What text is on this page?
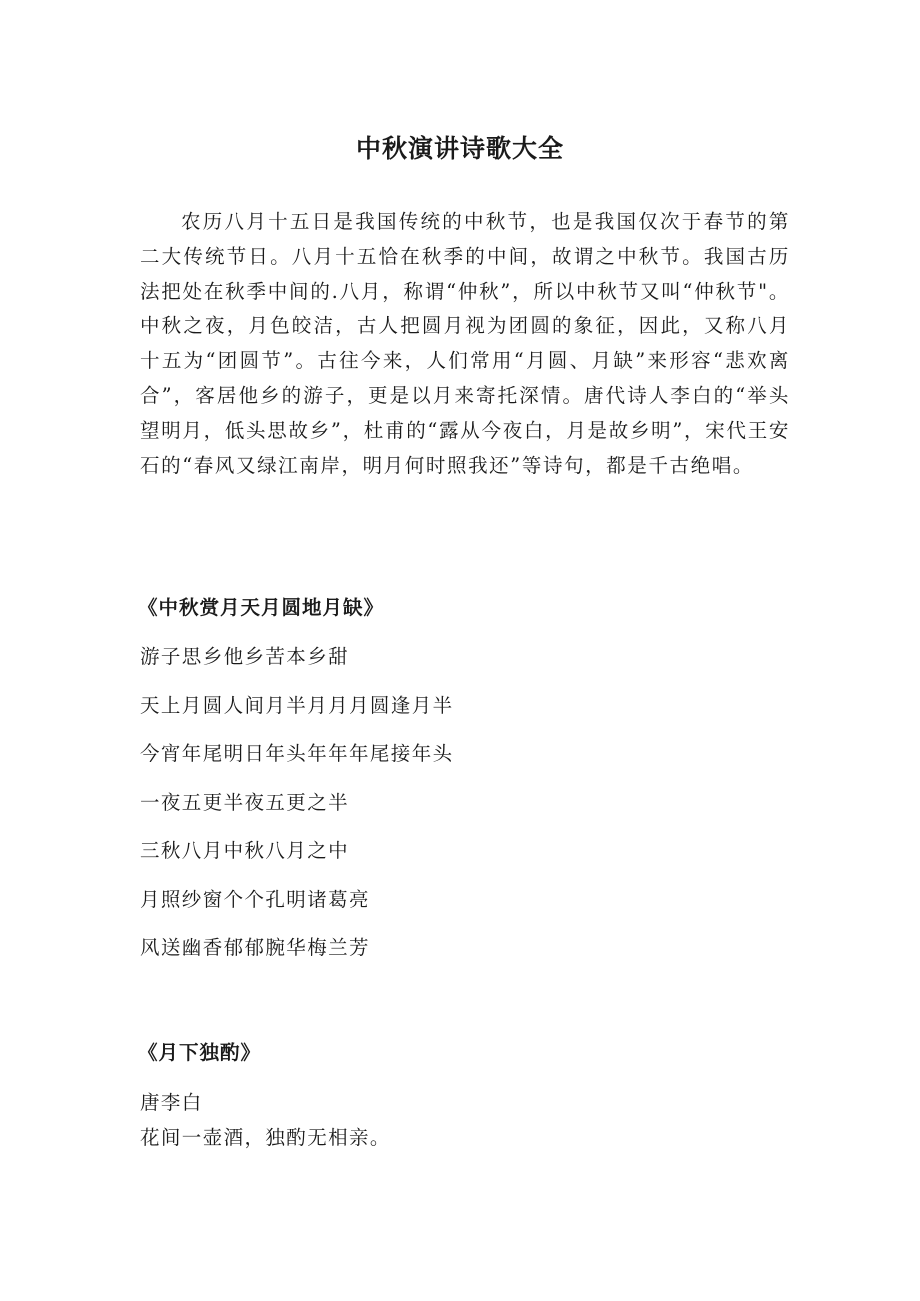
中秋演讲诗歌大全

农历八月十五日是我国传统的中秋节，也是我国仅次于春节的第二大传统节日。八月十五恰在秋季的中间，故谓之中秋节。我国古历法把处在秋季中间的.八月，称谓“仲秋”，所以中秋节又叫“仲秋节"。中秋之夜，月色皎洁，古人把圆月视为团圆的象征，因此，又称八月十五为“团圆节”。古往今来，人们常用“月圆、月缺”来形容“悲欢离合”，客居他乡的游子，更是以月来寄托深情。唐代诗人李白的“举头望明月，低头思故乡”，杜甫的“露从今夜白，月是故乡明”，宋代王安石的“春风又绿江南岸，明月何时照我还”等诗句，都是千古绝唱。

《中秋赏月天月圆地月缺》
游子思乡他乡苦本乡甜
天上月圆人间月半月月月圆逢月半
今宵年尾明日年头年年年尾接年头
一夜五更半夜五更之半
三秋八月中秋八月之中
月照纱窗个个孔明诸葛亮
风送幽香郁郁腕华梅兰芳
《月下独酌》
唐李白
花间一壶酒，独酌无相亲。
